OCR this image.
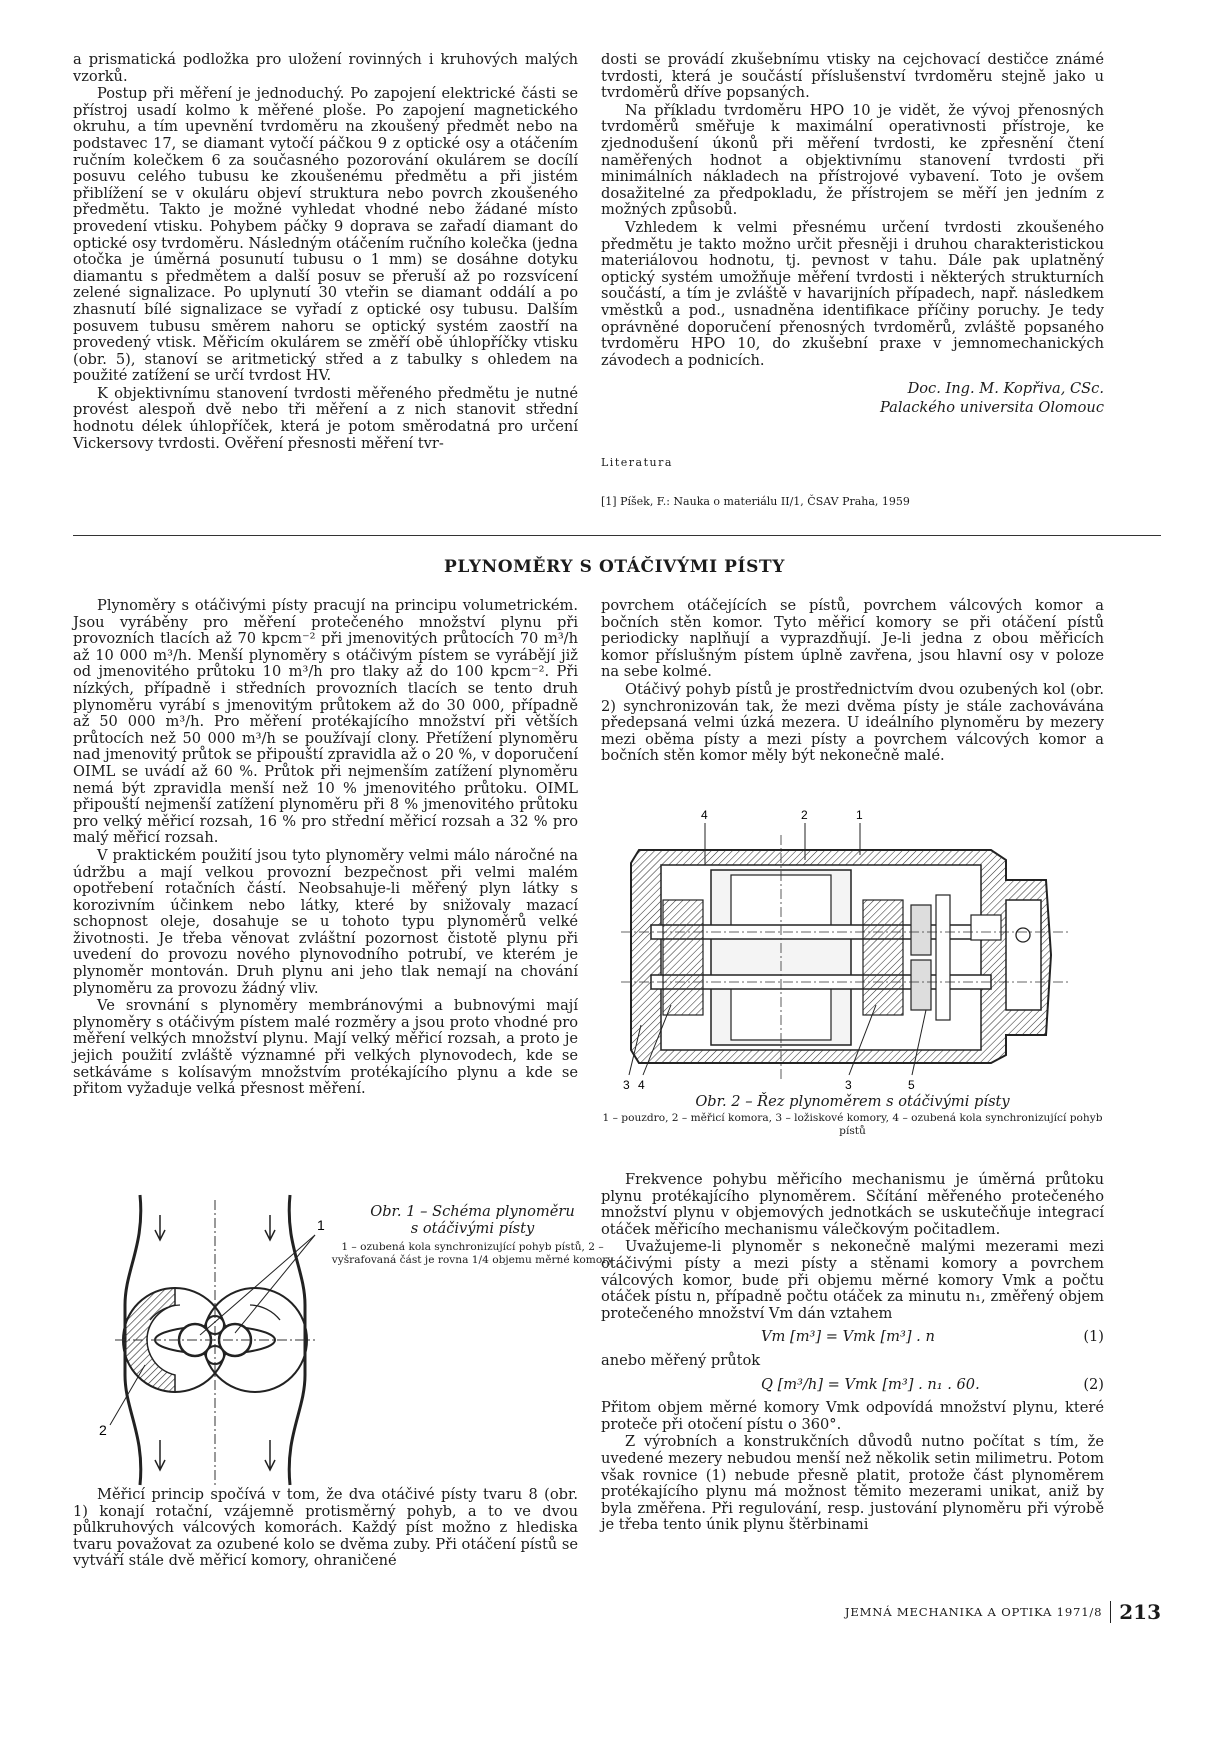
a prismatická podložka pro uložení rovinných i kruhových malých vzorků.

Postup při měření je jednoduchý. Po zapojení elektrické části se přístroj usadí kolmo k měřené ploše. Po zapojení magnetického okruhu, a tím upevnění tvrdoměru na zkoušený předmět nebo na podstavec 17, se diamant vytočí páčkou 9 z optické osy a otáčením ručním kolečkem 6 za současného pozorování okulárem se docílí posuvu celého tubusu ke zkoušenému předmětu a při jistém přiblížení se v okuláru objeví struktura nebo povrch zkoušeného předmětu. Takto je možné vyhledat vhodné nebo žádané místo provedení vtisku. Pohybem páčky 9 doprava se zařadí diamant do optické osy tvrdoměru. Následným otáčením ručního kolečka (jedna otočka je úměrná posunutí tubusu o 1 mm) se dosáhne dotyku diamantu s předmětem a další posuv se přeruší až po rozsvícení zelené signalizace. Po uplynutí 30 vteřin se diamant oddálí a po zhasnutí bílé signalizace se vyřadí z optické osy tubusu. Dalším posuvem tubusu směrem nahoru se optický systém zaostří na provedený vtisk. Měřicím okulárem se změří obě úhlopříčky vtisku (obr. 5), stanoví se aritmetický střed a z tabulky s ohledem na použité zatížení se určí tvrdost HV.

K objektivnímu stanovení tvrdosti měřeného předmětu je nutné provést alespoň dvě nebo tři měření a z nich stanovit střední hodnotu délek úhlopříček, která je potom směrodatná pro určení Vickersovy tvrdosti. Ověření přesnosti měření tvr-

dosti se provádí zkušebnímu vtisky na cejchovací destičce známé tvrdosti, která je součástí příslušenství tvrdoměru stejně jako u tvrdoměrů dříve popsaných.

Na příkladu tvrdoměru HPO 10 je vidět, že vývoj přenosných tvrdoměrů směřuje k maximální operativnosti přístroje, ke zjednodušení úkonů při měření tvrdosti, ke zpřesnění čtení naměřených hodnot a objektivnímu stanovení tvrdosti při minimálních nákladech na přístrojové vybavení. Toto je ovšem dosažitelné za předpokladu, že přístrojem se měří jen jedním z možných způsobů.

Vzhledem k velmi přesnému určení tvrdosti zkoušeného předmětu je takto možno určit přesněji i druhou charakteristickou materiálovou hodnotu, tj. pevnost v tahu. Dále pak uplatněný optický systém umožňuje měření tvrdosti i některých strukturních součástí, a tím je zvláště v havarijních případech, např. následkem vměstků a pod., usnadněna identifikace příčiny poruchy. Je tedy oprávněné doporučení přenosných tvrdoměrů, zvláště popsaného tvrdoměru HPO 10, do zkušební praxe v jemnomechanických závodech a podnicích.

Doc. Ing. M. Kopřiva, CSc.
Palackého universita Olomouc
Literatura
[1] Píšek, F.: Nauka o materiálu II/1, ČSAV Praha, 1959
PLYNOMĚRY S OTÁČIVÝMI PÍSTY

Plynoměry s otáčivými písty pracují na principu volumetrickém. Jsou vyráběny pro měření protečeného množství plynu při provozních tlacích až 70 kpcm⁻² při jmenovitých průtocích 70 m³/h až 10 000 m³/h. Menší plynoměry s otáčivým pístem se vyrábějí již od jmenovitého průtoku 10 m³/h pro tlaky až do 100 kpcm⁻². Při nízkých, případně i středních provozních tlacích se tento druh plynoměru vyrábí s jmenovitým průtokem až do 30 000, případně až 50 000 m³/h. Pro měření protékajícího množství při větších průtocích než 50 000 m³/h se používají clony. Přetížení plynoměru nad jmenovitý průtok se připouští zpravidla až o 20 %, v doporučení OIML se uvádí až 60 %. Průtok při nejmenším zatížení plynoměru nemá být zpravidla menší než 10 % jmenovitého průtoku. OIML připouští nejmenší zatížení plynoměru při 8 % jmenovitého průtoku pro velký měřicí rozsah, 16 % pro střední měřicí rozsah a 32 % pro malý měřicí rozsah.

V praktickém použití jsou tyto plynoměry velmi málo náročné na údržbu a mají velkou provozní bezpečnost při velmi malém opotřebení rotačních částí. Neobsahuje-li měřený plyn látky s korozivním účinkem nebo látky, které by snižovaly mazací schopnost oleje, dosahuje se u tohoto typu plynoměrů velké životnosti. Je třeba věnovat zvláštní pozornost čistotě plynu při uvedení do provozu nového plynovodního potrubí, ve kterém je plynoměr montován. Druh plynu ani jeho tlak nemají na chování plynoměru za provozu žádný vliv.

Ve srovnání s plynoměry membránovými a bubnovými mají plynoměry s otáčivým pístem malé rozměry a jsou proto vhodné pro měření velkých množství plynu. Mají velký měřicí rozsah, a proto je jejich použití zvláště významné při velkých plynovodech, kde se setkáváme s kolísavým množstvím protékajícího plynu a kde se přitom vyžaduje velká přesnost měření.

1
2
Obr. 1 – Schéma plynoměru
s otáčivými písty
1 – ozubená kola synchronizující pohyb pístů, 2 – vyšrafovaná část je rovna 1/4 objemu měrné komory

Měřicí princip spočívá v tom, že dva otáčivé písty tvaru 8 (obr. 1) konají rotační, vzájemně protisměrný pohyb, a to ve dvou půlkruhových válcových komorách. Každý píst možno z hlediska tvaru považovat za ozubené kolo se dvěma zuby. Při otáčení pístů se vytváří stále dvě měřicí komory, ohraničené

povrchem otáčejících se pístů, povrchem válcových komor a bočních stěn komor. Tyto měřicí komory se při otáčení pístů periodicky naplňují a vyprazdňují. Je-li jedna z obou měřicích komor příslušným pístem úplně zavřena, jsou hlavní osy v poloze na sebe kolmé.

Otáčivý pohyb pístů je prostřednictvím dvou ozubených kol (obr. 2) synchronizován tak, že mezi dvěma písty je stále zachovávána předepsaná velmi úzká mezera. U ideálního plynoměru by mezery mezi oběma písty a mezi písty a povrchem válcových komor a bočních stěn komor měly být nekonečně malé.

4	2	1
3 4	3	5
Obr. 2 – Řez plynoměrem s otáčivými písty
1 – pouzdro, 2 – měřicí komora, 3 – ložiskové komory, 4 – ozubená kola synchronizující pohyb pístů

Frekvence pohybu měřicího mechanismu je úměrná průtoku plynu protékajícího plynoměrem. Sčítání měřeného protečeného množství plynu v objemových jednotkách se uskutečňuje integrací otáček měřicího mechanismu válečkovým počitadlem.

Uvažujeme-li plynoměr s nekonečně malými mezerami mezi otáčivými písty a mezi písty a stěnami komory a povrchem válcových komor, bude při objemu měrné komory Vmk a počtu otáček pístu n, případně počtu otáček za minutu n₁, změřený objem protečeného množství Vm dán vztahem

Vm [m³] = Vmk [m³] . n	(1)

anebo měřený průtok

Q [m³/h] = Vmk [m³] . n₁ . 60.	(2)

Přitom objem měrné komory Vmk odpovídá množství plynu, které proteče při otočení pístu o 360°.

Z výrobních a konstrukčních důvodů nutno počítat s tím, že uvedené mezery nebudou menší než několik setin milimetru. Potom však rovnice (1) nebude přesně platit, protože část plynoměrem protékajícího plynu má možnost těmito mezerami unikat, aniž by byla změřena. Při regulování, resp. justování plynoměru při výrobě je třeba tento únik plynu štěrbinami

JEMNÁ MECHANIKA A OPTIKA 1971/8 213
